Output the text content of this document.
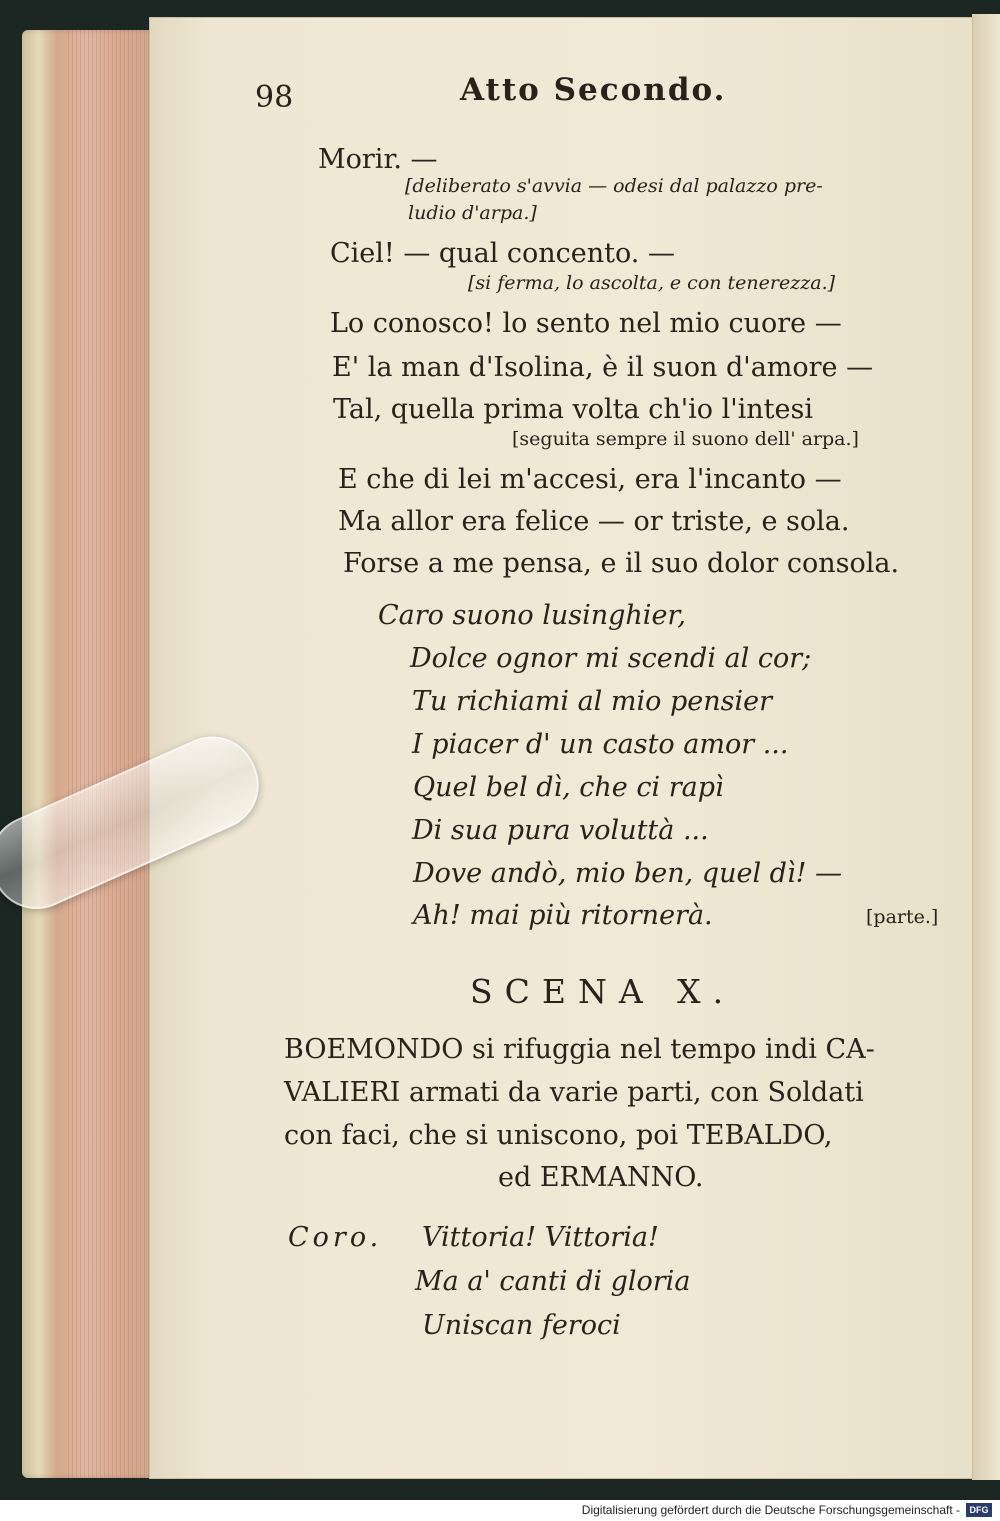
98	Atto Secondo.
Morir. —
[deliberato s'avvia — odesi dal palazzo pre-
ludio d'arpa.]
Ciel! — qual concento. —
[si ferma, lo ascolta, e con tenerezza.]
Lo conosco! lo sento nel mio cuore —
E' la man d'Isolina, è il suon d'amore —
Tal, quella prima volta ch'io l'intesi
[seguita sempre il suono dell' arpa.]
E che di lei m'accesi, era l'incanto —
Ma allor era felice — or triste, e sola.
Forse a me pensa, e il suo dolor consola.
Caro suono lusinghier,
Dolce ognor mi scendi al cor;
Tu richiami al mio pensier
I piacer d' un casto amor ...
Quel bel dì, che ci rapì
Di sua pura voluttà ...
Dove andò, mio ben, quel dì! —
Ah! mai più ritornerà.	[parte.]
SCENA X.
BOEMONDO si rifuggia nel tempo indi CA-
VALIERI armati da varie parti, con Soldati
con faci, che si uniscono, poi TEBALDO,
ed ERMANNO.
Coro. Vittoria! Vittoria!
Ma a' canti di gloria
Uniscan feroci
Digitalisierung gefördert durch die Deutsche Forschungsgemeinschaft -	DFG
